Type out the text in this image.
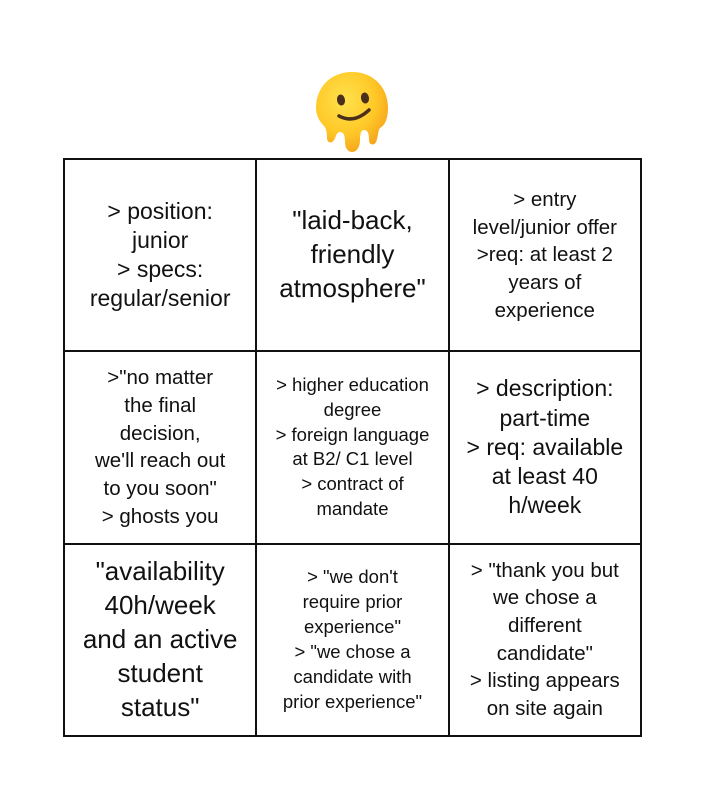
> position:
junior
> specs:
regular/senior
"laid-back,
friendly
atmosphere"
> entry
level/junior offer
>req: at least 2
years of
experience
>"no matter
the final
decision,
we'll reach out
to you soon"
> ghosts you
> higher education
degree
> foreign language
at B2/ C1 level
> contract of
mandate
> description:
part-time
> req: available
at least 40
h/week
"availability
40h/week
and an active
student
status"
> "we don't
require prior
experience"
> "we chose a
candidate with
prior experience"
> "thank you but
we chose a
different
candidate"
> listing appears
on site again
